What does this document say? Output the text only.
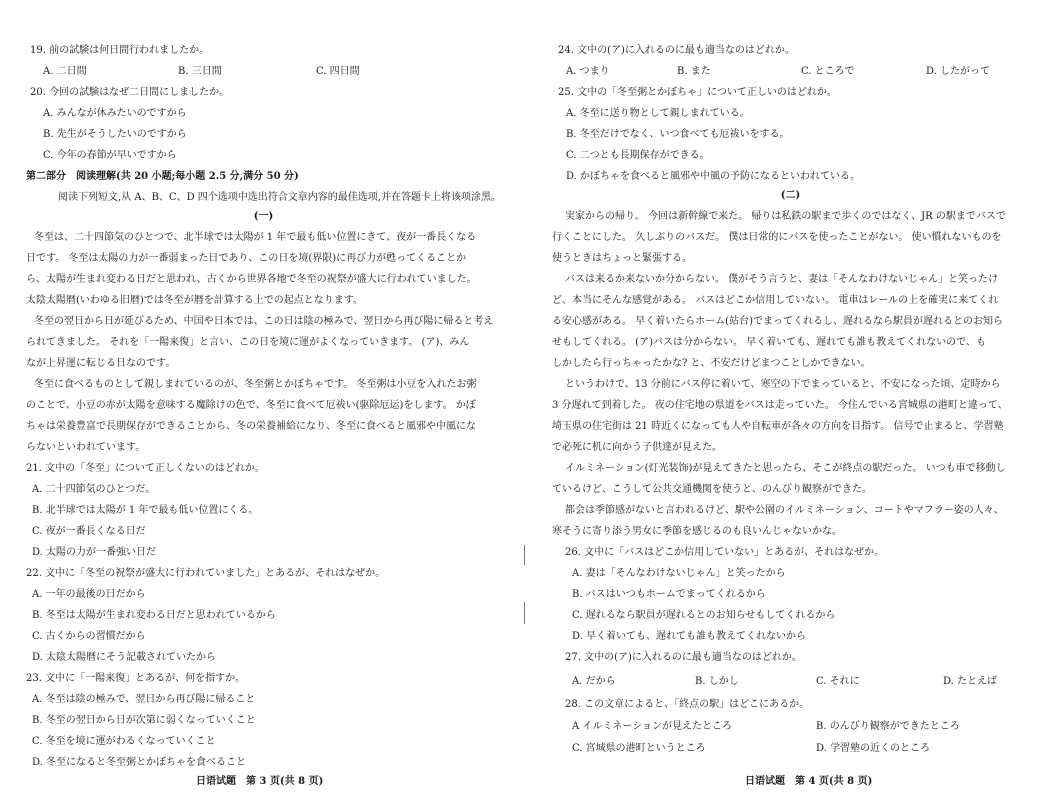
19. 前の試験は何日間行われましたか。
A. 二日間	B. 三日間	C. 四日間
20. 今回の試験はなぜ二日間にしましたか。
A. みんなが休みたいのですから
B. 先生がそうしたいのですから
C. 今年の春節が早いですから
第二部分　阅读理解(共 20 小题;每小题 2.5 分,满分 50 分)
阅读下列短文,从 A、B、C、D 四个选项中选出符合文章内容的最佳选项,并在答题卡上将该项涂黑。
(一)
冬至は、二十四節気のひとつで、北半球では太陽が 1 年で最も低い位置にきて、夜が一番長くなる
日です。 冬至は太陽の力が一番弱まった日であり、この日を境(界限)に再び力が甦ってくることか
ら、太陽が生まれ変わる日だと思われ、古くから世界各地で冬至の祝祭が盛大に行われていました。
太陰太陽暦(いわゆる旧暦)では冬至が暦を計算する上での起点となります。
冬至の翌日から日が延びるため、中国や日本では、この日は陰の極みで、翌日から再び陽に帰ると考え
られてきました。 それを「一陽来復」と言い、この日を境に運がよくなっていきます。 (ア)、みん
なが上昇運に転じる日なのです。
冬至に食べるものとして親しまれているのが、冬至粥とかぼちゃです。 冬至粥は小豆を入れたお粥
のことで、小豆の赤が太陽を意味する魔除けの色で、冬至に食べて厄祓い(驱除厄运)をします。 かぼ
ちゃは栄養豊富で長期保存ができることから、冬の栄養補給になり、冬至に食べると風邪や中風にな
らないといわれています。
21. 文中の「冬至」について正しくないのはどれか。
A. 二十四節気のひとつだ。
B. 北半球では太陽が 1 年で最も低い位置にくる。
C. 夜が一番長くなる日だ
D. 太陽の力が一番強い日だ
22. 文中に「冬至の祝祭が盛大に行われていました」とあるが、それはなぜか。
A. 一年の最後の日だから
B. 冬至は太陽が生まれ変わる日だと思われているから
C. 古くからの習慣だから
D. 太陰太陽暦にそう記載されていたから
23. 文中に「一陽来復」とあるが、何を指すか。
A. 冬至は陰の極みで、翌日から再び陽に帰ること
B. 冬至の翌日から日が次第に弱くなっていくこと
C. 冬至を境に運がわるくなっていくこと
D. 冬至になると冬至粥とかぼちゃを食べること
日语试题　第 3 页(共 8 页)
24. 文中の(ア)に入れるのに最も適当なのはどれか。
A. つまり	B. また	C. ところで	D. したがって
25. 文中の「冬至粥とかぼちゃ」について正しいのはどれか。
A. 冬至に送り物として親しまれている。
B. 冬至だけでなく、いつ食べても厄祓いをする。
C. 二つとも長期保存ができる。
D. かぼちゃを食べると風邪や中風の予防になるといわれている。
(二)
実家からの帰り。 今回は新幹線で来た。 帰りは私鉄の駅まで歩くのではなく、JR の駅までバスで
行くことにした。 久しぶりのバスだ。 僕は日常的にバスを使ったことがない。 使い慣れないものを
使うときはちょっと緊張する。
バスは来るか来ないか分からない。 僕がそう言うと、妻は「そんなわけないじゃん」と笑ったけ
ど、本当にそんな感覚がある。 バスはどこか信用していない。 電車はレールの上を確実に来てくれ
る安心感がある。 早く着いたらホーム(站台)でまってくれるし、遅れるなら駅員が遅れるとのお知ら
せもしてくれる。 (ア)バスは分からない。 早く着いても、遅れても誰も教えてくれないので、も
しかしたら行っちゃったかな? と、不安だけどまつことしかできない。
というわけで、13 分前にバス停に着いて、寒空の下でまっていると、不安になった頃、定時から
3 分遅れて到着した。 夜の住宅地の県道をバスは走っていた。 今住んでいる宮城県の港町と違って、
埼玉県の住宅街は 21 時近くになっても人や自転車が各々の方向を目指す。 信号で止まると、学習塾
で必死に机に向かう子供達が見えた。
イルミネーション(灯光装饰)が見えてきたと思ったら、そこが終点の駅だった。 いつも車で移動し
ているけど、こうして公共交通機関を使うと、のんびり観察ができた。
都会は季節感がないと言われるけど、駅や公園のイルミネーション、コートやマフラー姿の人々、
寒そうに寄り添う男女に季節を感じるのも良いんじゃないかな。
26. 文中に「バスはどこか信用していない」とあるが、それはなぜか。
A. 妻は「そんなわけないじゃん」と笑ったから
B. バスはいつもホームでまってくれるから
C. 遅れるなら駅員が遅れるとのお知らせもしてくれるから
D. 早く着いても、遅れても誰も教えてくれないから
27. 文中の(ア)に入れるのに最も適当なのはどれか。
A. だから	B. しかし	C. それに	D. たとえば
28. この文章によると、「終点の駅」はどこにあるか。
A イルミネーションが見えたところ	B. のんびり観察ができたところ
C. 宮城県の港町というところ	D. 学習塾の近くのところ
日语试题　第 4 页(共 8 页)
